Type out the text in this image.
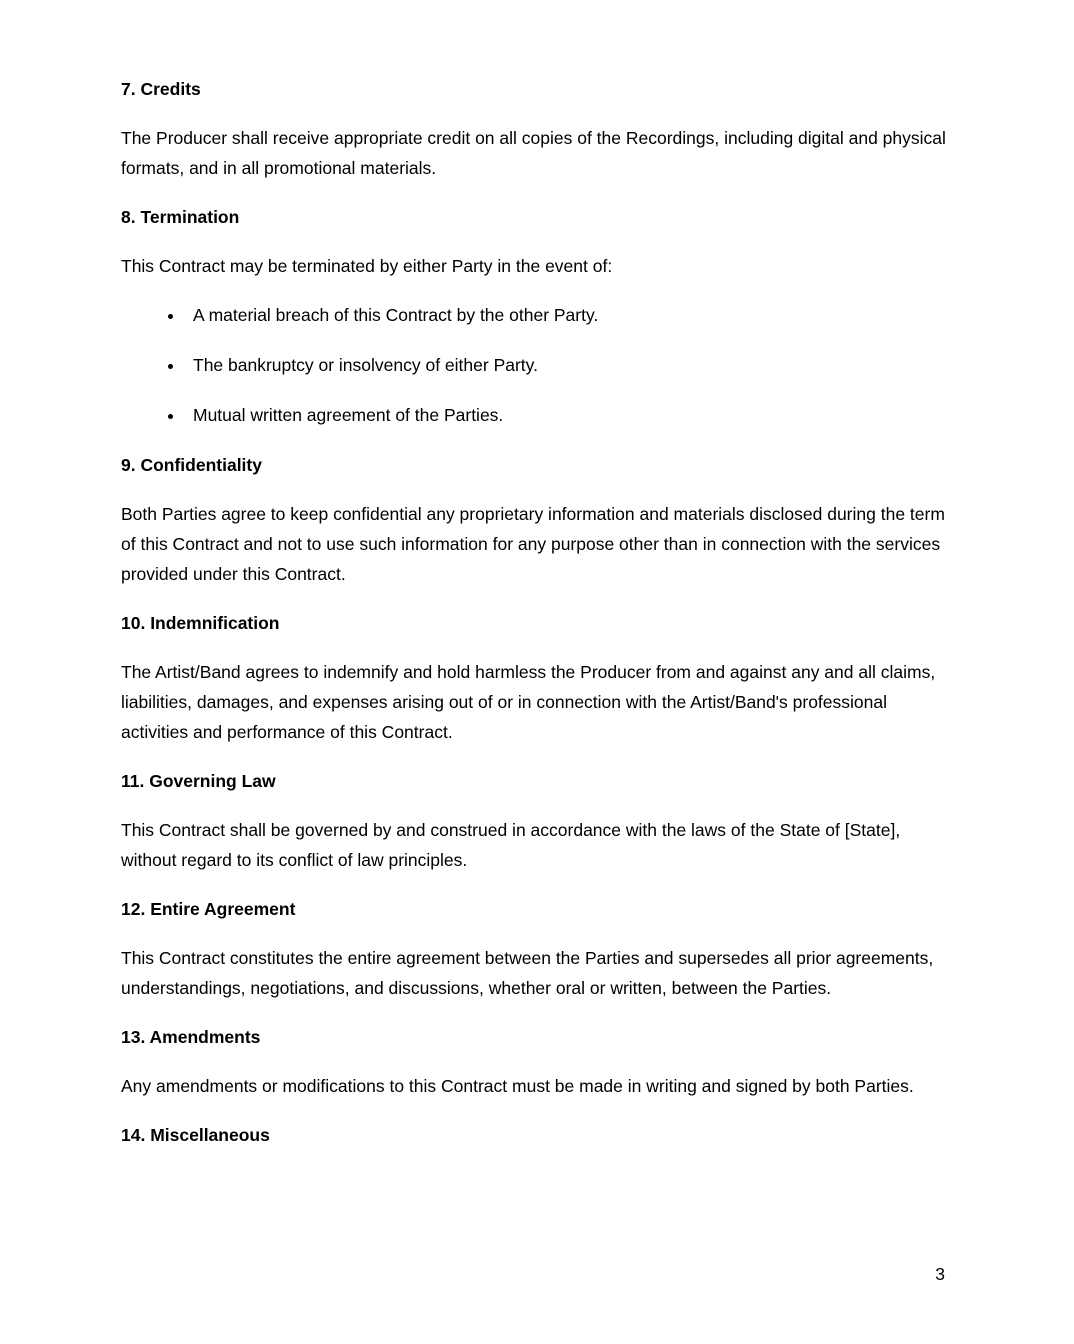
7. Credits

The Producer shall receive appropriate credit on all copies of the Recordings, including digital and physical formats, and in all promotional materials.

8. Termination

This Contract may be terminated by either Party in the event of:

• A material breach of this Contract by the other Party.
• The bankruptcy or insolvency of either Party.
• Mutual written agreement of the Parties.
9. Confidentiality

Both Parties agree to keep confidential any proprietary information and materials disclosed during the term of this Contract and not to use such information for any purpose other than in connection with the services provided under this Contract.

10. Indemnification

The Artist/Band agrees to indemnify and hold harmless the Producer from and against any and all claims, liabilities, damages, and expenses arising out of or in connection with the Artist/Band's professional activities and performance of this Contract.

11. Governing Law

This Contract shall be governed by and construed in accordance with the laws of the State of [State], without regard to its conflict of law principles.

12. Entire Agreement

This Contract constitutes the entire agreement between the Parties and supersedes all prior agreements, understandings, negotiations, and discussions, whether oral or written, between the Parties.

13. Amendments

Any amendments or modifications to this Contract must be made in writing and signed by both Parties.

14. Miscellaneous
3
